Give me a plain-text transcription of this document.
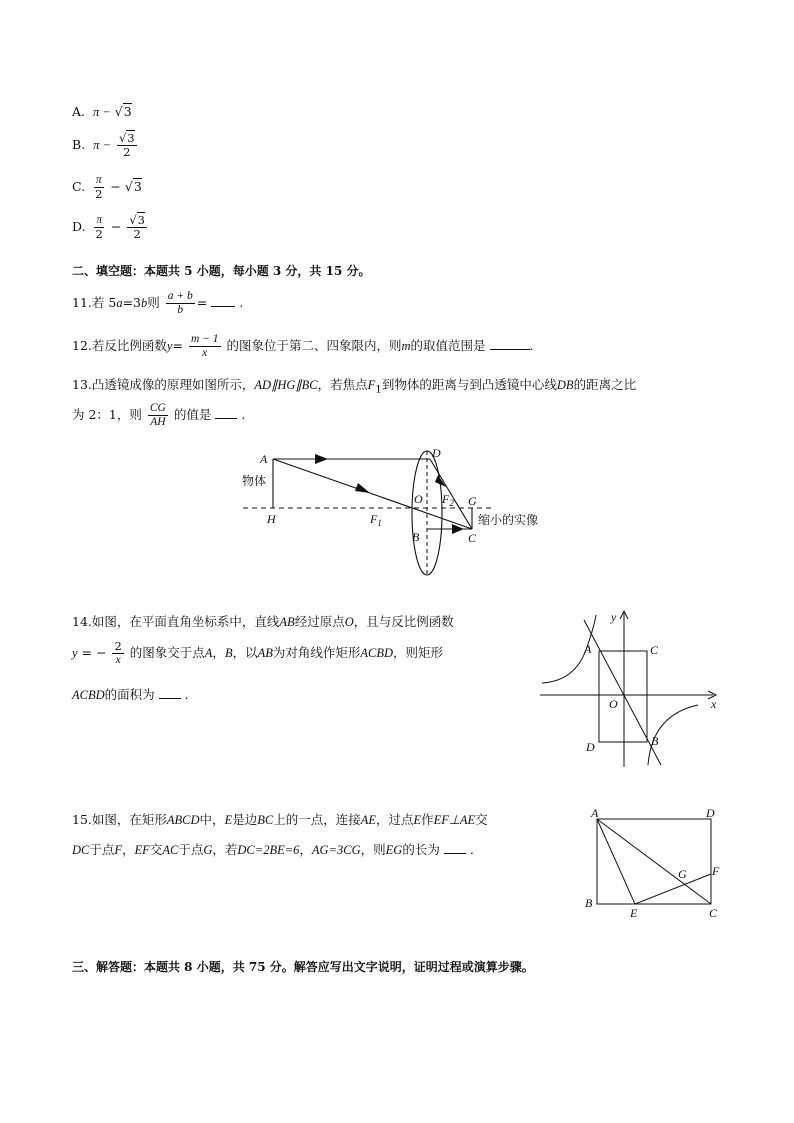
A. π − √3
B. $\pi - \frac{√3}{2}$
C. $\frac{\pi}{2} - √3$
D. $\frac{\pi}{2} - \frac{√3}{2}$
二、填空题：本题共 5 小题，每小题 3 分，共 15 分。
11.若 5a=3b则 $\frac{a + b}{b}$ =	.
12.若反比例函数$y= \frac{m - 1}{x}$ 的图象位于第二、四象限内，则m的取值范围是	.
13.凸透镜成像的原理如图所示，AD∥HG∥BC，若焦点$F_1$到物体的距离与到凸透镜中心线DB的距离之比
为 2：1，则 $\frac{CG}{AH}$ 的值是 .
A	D
物体
O $F_2$ G
H	$F_1$
B	C
缩小的实像
14.如图，在平面直角坐标系中，直线AB经过原点O，且与反比例函数
y = − $\frac{2}{x}$ 的图象交于点A，B，以AB为对角线作矩形ACBD，则矩形
ACBD的面积为 .
A	C
O
D	B
y
x
15.如图，在矩形ABCD中，E是边BC上的一点，连接AE，过点E作EF⊥AE交
DC于点F，EF交AC于点G，若DC=2BE=6，AG=3CG，则EG的长为 .
A	D
G F
B
E	C
三、解答题：本题共 8 小题，共 75 分。解答应写出文字说明，证明过程或演算步骤。
